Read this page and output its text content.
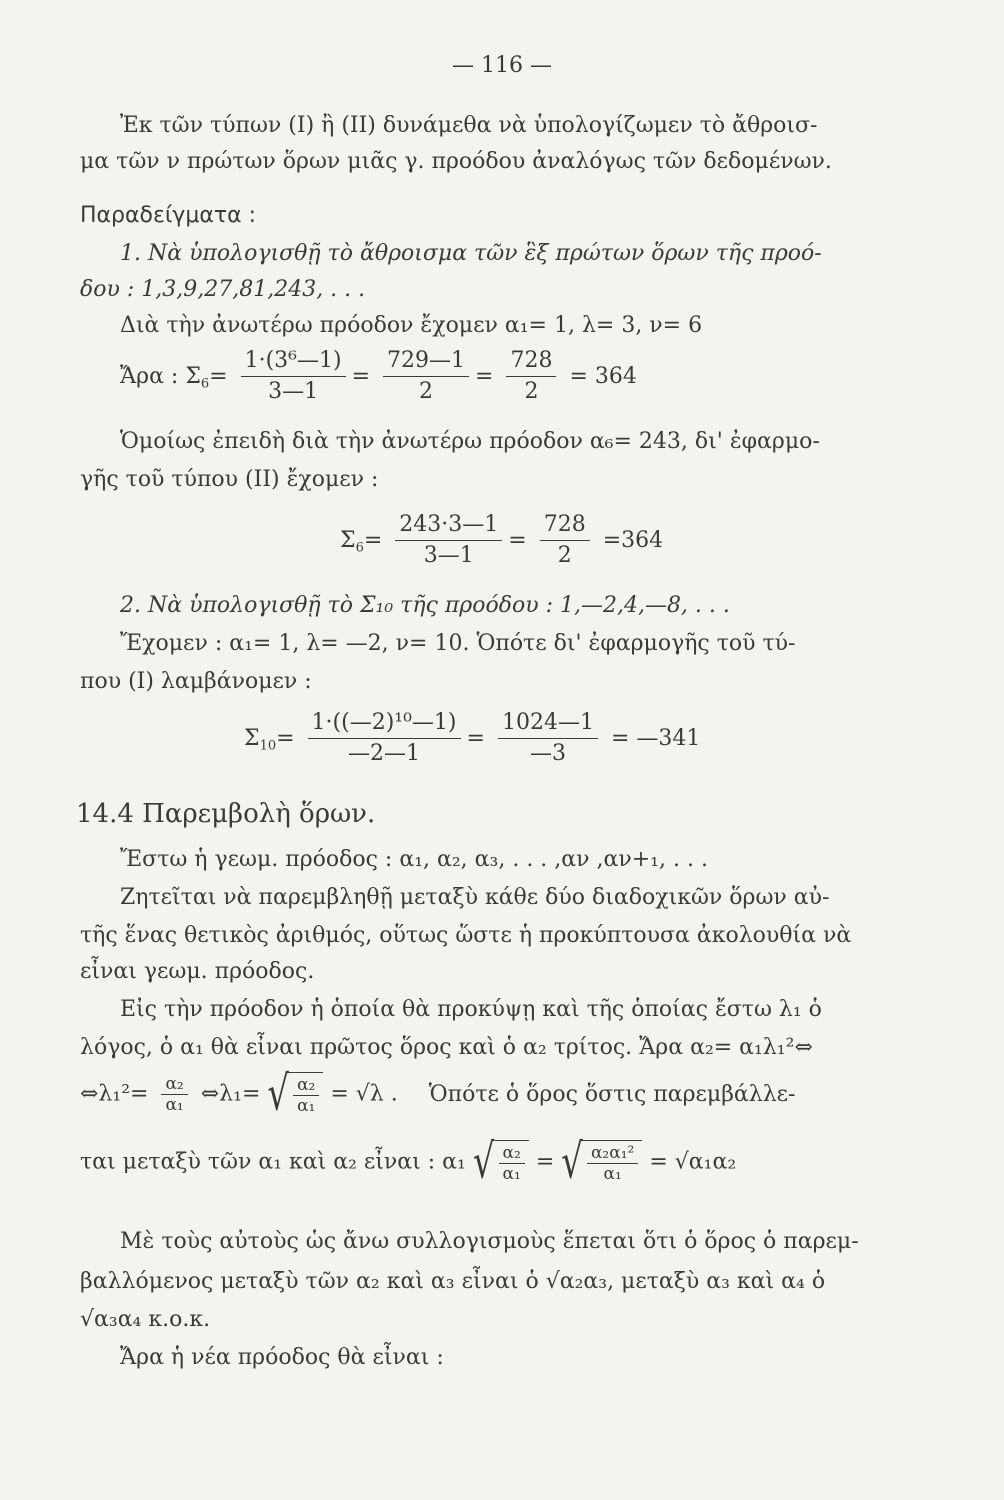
— 116 —
Ἐκ τῶν τύπων (Ι) ἢ (ΙΙ) δυνάμεθα νὰ ὑπολογίζωμεν τὸ ἄθροισ-
μα τῶν ν πρώτων ὅρων μιᾶς γ. προόδου ἀναλόγως τῶν δεδομένων.
Παραδείγματα :
1. Νὰ ὑπολογισθῇ τὸ ἄθροισμα τῶν ἓξ πρώτων ὅρων τῆς προό-
δου : 1,3,9,27,81,243, . . .
Διὰ τὴν ἀνωτέρω πρόοδον ἔχομεν α₁= 1, λ= 3, ν= 6
Ἄρα : $\Sigma_6= \frac{\text{1·(3⁶—1)}}{3—1} = \frac{729—1}{2} = \frac{728}{2} = 364$
Ὁμοίως ἐπειδὴ διὰ τὴν ἀνωτέρω πρόοδον α₆= 243, δι' ἐφαρμο-
γῆς τοῦ τύπου (ΙΙ) ἔχομεν :
$\Sigma_6= \frac{243\cdot 3—1}{3—1} = \frac{728}{2} =364$
2. Νὰ ὑπολογισθῇ τὸ Σ₁₀ τῆς προόδου : 1,—2,4,—8, . . .
Ἔχομεν : α₁= 1, λ= —2, ν= 10. Ὁπότε δι' ἐφαρμογῆς τοῦ τύ-
που (Ι) λαμβάνομεν :
$\Sigma_{10}= \frac{\text{1·((—2)¹⁰—1)}}{—2—1} = \frac{1024—1}{—3}$ = —341
14.4 Παρεμβολὴ ὅρων.
Ἔστω ἡ γεωμ. πρόοδος : α₁, α₂, α₃, . . . ,αν ,αν+₁, . . .
Ζητεῖται νὰ παρεμβληθῇ μεταξὺ κάθε δύο διαδοχικῶν ὅρων αὐ-
τῆς ἕνας θετικὸς ἀριθμός, οὕτως ὥστε ἡ προκύπτουσα ἀκολουθία νὰ
εἶναι γεωμ. πρόοδος.
Εἰς τὴν πρόοδον ἡ ὁποία θὰ προκύψῃ καὶ τῆς ὁποίας ἔστω λ₁ ὁ
λόγος, ὁ α₁ θὰ εἶναι πρῶτος ὅρος καὶ ὁ α₂ τρίτος. Ἄρα α₂= α₁λ₁²⇔
⇔λ₁²= $\frac{\text{α₂}}{\text{α₁}}$ ⇔λ₁= √ $\frac{\text{α₂}}{\text{α₁}} = √\lambda$ . Ὁπότε ὁ ὅρος ὅστις παρεμβάλλε-
ται μεταξὺ τῶν α₁ καὶ α₂ εἶναι : α₁ √ $\frac{\text{α₂}}{\text{α₁}}$ = √ $\frac{\text{α₂α₁²}}{\text{α₁}} = √\alpha_1\alpha_2$
Μὲ τοὺς αὐτοὺς ὡς ἄνω συλλογισμοὺς ἕπεται ὅτι ὁ ὅρος ὁ παρεμ-
βαλλόμενος μεταξὺ τῶν α₂ καὶ α₃ εἶναι ὁ √α₂α₃, μεταξὺ α₃ καὶ α₄ ὁ
√α₃α₄ κ.ο.κ.
Ἄρα ἡ νέα πρόοδος θὰ εἶναι :
